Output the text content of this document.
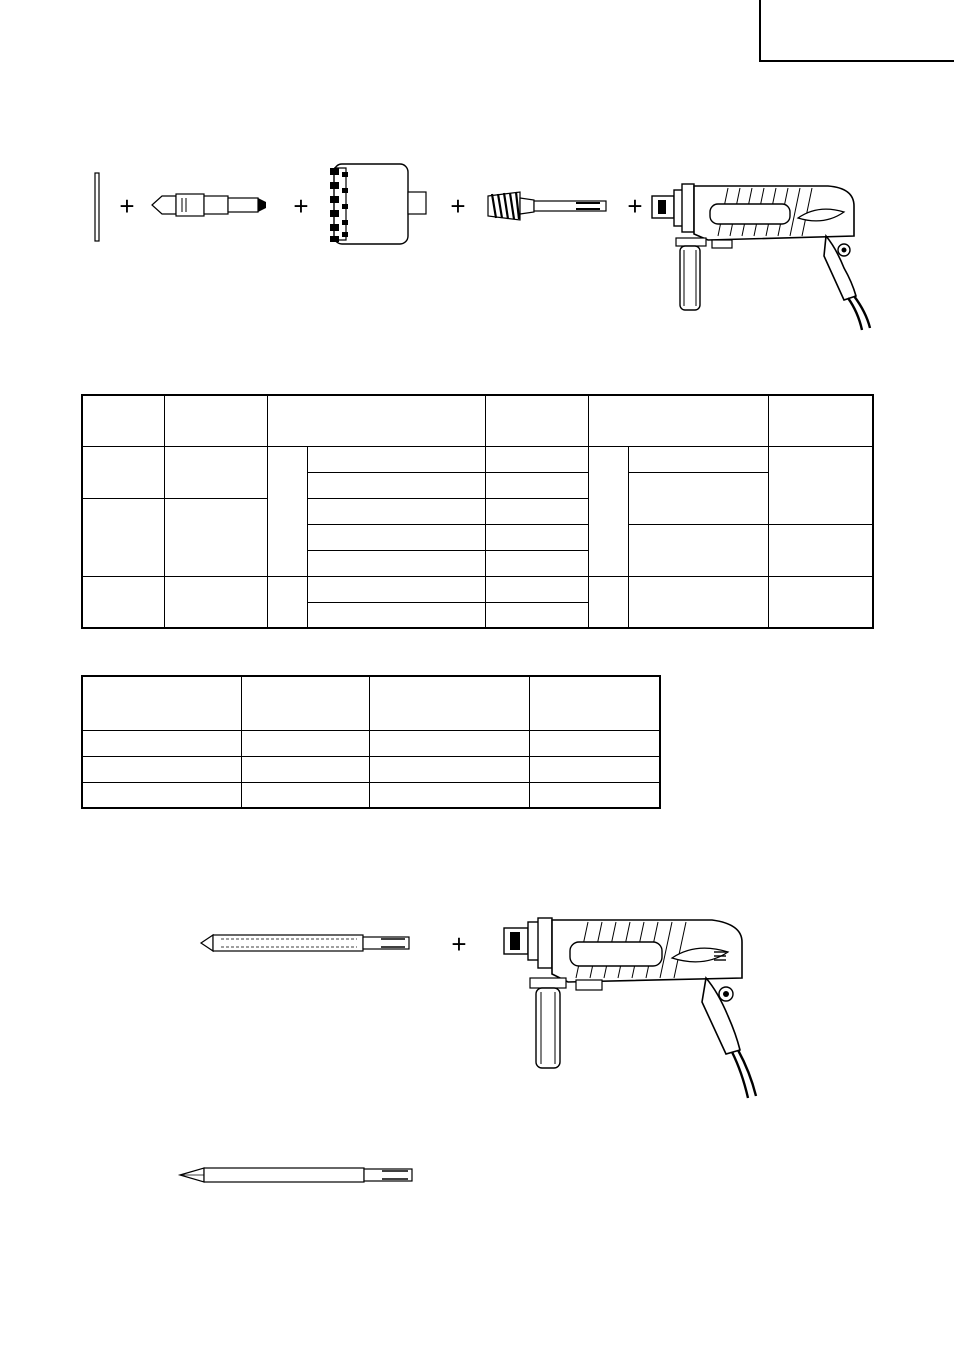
+	+	+	+

+
